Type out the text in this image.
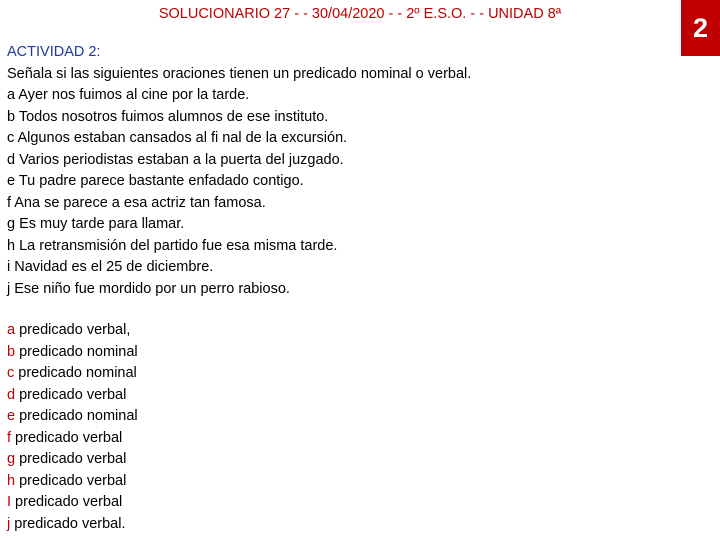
SOLUCIONARIO 27 - - 30/04/2020 - - 2º E.S.O. - - UNIDAD 8ª	2
ACTIVIDAD 2:
Señala si las siguientes oraciones tienen un predicado nominal o verbal.
a Ayer nos fuimos al cine por la tarde.
b Todos nosotros fuimos alumnos de ese instituto.
c Algunos estaban cansados al fi nal de la excursión.
d Varios periodistas estaban a la puerta del juzgado.
e Tu padre parece bastante enfadado contigo.
f Ana se parece a esa actriz tan famosa.
g Es muy tarde para llamar.
h La retransmisión del partido fue esa misma tarde.
i Navidad es el 25 de diciembre.
j Ese niño fue mordido por un perro rabioso.
a predicado verbal,
b predicado nominal
c predicado nominal
d predicado verbal
e predicado nominal
f predicado verbal
g predicado verbal
h predicado verbal
I predicado verbal
j predicado verbal.
